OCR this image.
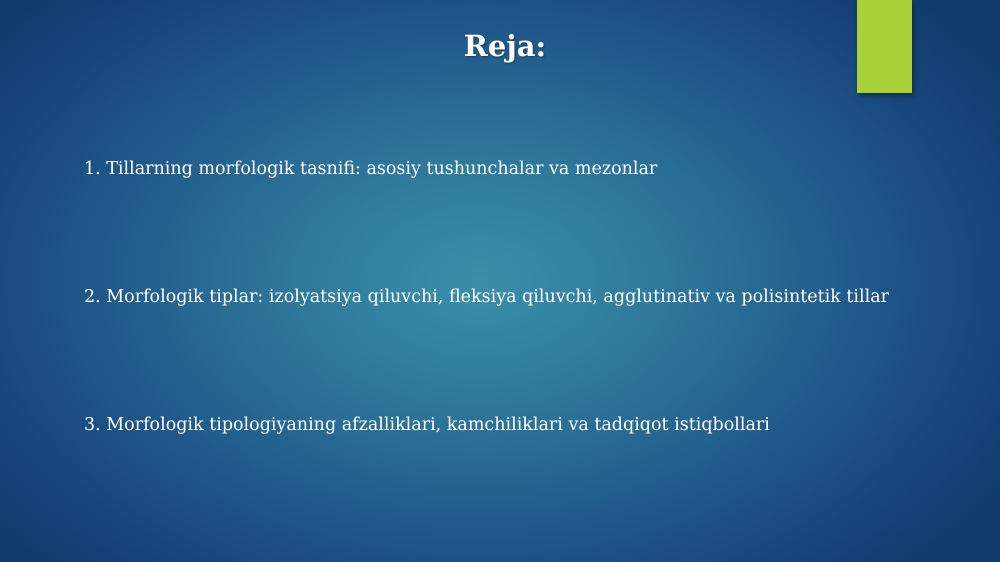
Reja:
1. Tillarning morfologik tasnifi: asosiy tushunchalar va mezonlar
2. Morfologik tiplar: izolyatsiya qiluvchi, fleksiya qiluvchi, agglutinativ va polisintetik tillar
3. Morfologik tipologiyaning afzalliklari, kamchiliklari va tadqiqot istiqbollari
